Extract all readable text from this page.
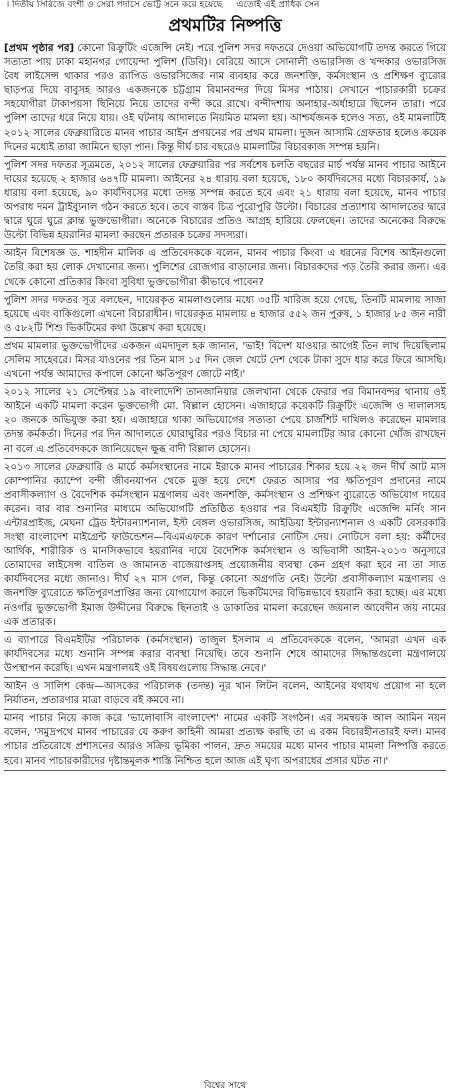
। দিতীয় সিরিজে বংশী ও সেরা পদাসে ভোট্ট সনে করে হয়েছে এতোই এই প্রাধিক সেন
প্রথমটির নিষ্পত্তি

[প্রথম পৃষ্ঠার পর] কোনো রিক্রুটিং এজেন্সি নেই। পরে পুলিশ সদর দফতরে দেওয়া অভিযোগটি তদন্ত করতে গিয়ে সত্যতা পায় ঢাকা মহানগর গোয়েন্দা পুলিশ (ডিবি)। বেরিয়ে আসে সোনালী ওভারসিজ ও খন্দকার ওভারসিজ বৈধ লাইসেন্স থাকার পরও র‍্যাপিড ওভারসিজের নাম ব্যবহার করে জনশক্তি, কর্মসংস্থান ও প্রশিক্ষণ ব্যুরোর ছাড়পত্র দিয়ে বাবুসহ আরও একজনকে চট্টগ্রাম বিমানবন্দর দিয়ে মিসর পাঠায়। সেখানে পাচারকারী চক্রের সহযোগীরা টাকাপয়সা ছিনিয়ে নিয়ে তাদের বন্দী করে রাখে। বন্দীদশায় অনাহার-অর্ধাহারে ছিলেন তারা। পরে পুলিশ তাদের ধরে নিয়ে যায়। ওই ঘটনায় আদালতে নিয়মিত মামলা হয়। আশ্চর্যজনক হলেও সত্য, ওই মামলাটিই ২০১২ সালের ফেব্রুয়ারিতে মানব পাচার আইন প্রণয়নের পর প্রথম মামলা। দুজন আসামি গ্রেফতার হলেও কয়েক দিনের মধ্যেই তারা জামিনে ছাড়া পান। কিন্তু দীর্ঘ চার বছরেও মামলাটির বিচারকাজ সম্পন্ন হয়নি।

পুলিশ সদর দফতর সূত্রমতে, ২০১২ সালের ফেব্রুয়ারির পর সর্বশেষ চলতি বছরের মার্চ পর্যন্ত মানব পাচার আইনে দায়ের হয়েছে ২ হাজার ৬৪৭টি মামলা। আইনের ২৪ ধারায় বলা হয়েছে, ১৮০ কার্যদিবসের মধ্যে বিচারকার্য, ১৯ ধারায় বলা হয়েছে, ৯০ কার্যদিবসের মধ্যে তদন্ত সম্পন্ন করতে হবে এবং ২১ ধারায় বলা হয়েছে, মানব পাচার অপরাধ দমন ট্রাইব্যুনাল গঠন করতে হবে। তবে বাস্তব চিত্র পুরোপুরি উল্টো। বিচারের প্রত্যাশায় আদালতের দ্বারে দ্বারে ঘুরে ঘুরে ক্লান্ত ভুক্তভোগীরা। অনেকে বিচারের প্রতিও আগ্রহ হারিয়ে ফেলছেন। তাদের অনেকের বিরুদ্ধে উল্টো বিভিন্ন হয়রানির মামলা করছেন প্রতারক চক্রের সদস্যরা।

আইন বিশেষজ্ঞ ড. শাহদীন মালিক এ প্রতিবেদককে বলেন, মানব পাচার কিংবা এ ধরনের বিশেষ আইনগুলো তৈরি করা হয় লোক দেখানোর জন্য। পুলিশের রোজগার বাড়ানোর জন্য। বিচারকদের পড় তৈরি করার জন্য। এর থেকে কোনো প্রতিকার কিংবা সুবিধা ভুক্তভোগীরা কীভাবে পাবেন?

পুলিশ সদর দফতর সূত্র বলছেন, দায়েরকৃত মামলাগুলোর মধ্যে ৩৫টি খারিজ হয়ে গেছে, তিনটি মামলায় সাজা হয়েছে এবং বাকিগুলো এখনো বিচারাধীন। দায়েরকৃত মামলায় ৪ হাজার ৫৫২ জন পুরুষ, ১ হাজার ৮৫ জন নারী ও ৫৮২টি শিশু ভিকটিমের কথা উল্লেখ করা হয়েছে।

প্রথম মামলার ভুক্তভোগীদের একজন এমদাদুল হক জানান, 'ভাই! বিদেশ যাওয়ার আগেই তিন লাখ দিয়েছিলাম সেলিম সাহেবরে। মিসর যাওনের পর তিন মাস ১৫ দিন জেল খেটে দেশ থেকে টাকা সুদে ধার করে ফিরে আসছি। এখনো পর্যন্ত আমাদের কপালে কোনো ক্ষতিপূরণ জোটে নাই।'

২০১২ সালের ২১ সেপ্টেম্বর ১৯ বাংলাদেশি তানজানিয়ার জেলখানা থেকে ফেরার পর বিমানবন্দর থানায় ওই আইনে একটি মামলা করেন ভুক্তভোগী মো. বিল্লাল হোসেন। এজাহারে কয়েকটি রিক্রুটিং এজেন্সি ও দালালসহ ২০ জনকে অভিযুক্ত করা হয়। এজাহারে থাকা অভিযোগের সত্যতা পেয়ে চার্জশিট দাখিলও করেছেন মামলার তদন্ত কর্মকর্তা। দিনের পর দিন আদালতে ঘোরাঘুরির পরও বিচার না পেয়ে মামলাটির আর কোনো খোঁজ রাখছেন না বলে এ প্রতিবেদককে জানিয়েছেন ক্ষুব্ধ বাদী বিল্লাল হোসেন।

২০১৩ সালের ফেব্রুয়ারি ও মার্চে কর্মসংস্থানের নামে ইরাকে মানব পাচারের শিকার হয়ে ২২ জন দীর্ঘ আট মাস কোম্পানির ক্যাম্পে বন্দী জীবনযাপন থেকে মুক্ত হয়ে দেশে ফেরত আসার পর ক্ষতিপূরণ প্রদানের নামে প্রবাসীকল্যাণ ও বৈদেশিক কর্মসংস্থান মন্ত্রণালয় এবং জনশক্তি, কর্মসংস্থান ও প্রশিক্ষণ ব্যুরোতে অভিযোগ দায়ের করেন। বার বার শুনানির মাধ্যমে অভিযোগটি প্রতিষ্ঠিত হওয়ার পর বিএমইটি রিক্রুটিং এজেন্সি মর্নিং সান এন্টারপ্রাইজ, মেঘনা ট্রেড ইন্টারন্যাশনাল, ইস্ট বেঙ্গল ওভারসিজ, আইডিয়া ইন্টারন্যাশনাল ও একটি বেসরকারি সংস্থা বাংলাদেশ মাইগ্রেন্ট ফাউন্ডেশন—বিএমএফকে কারণ দর্শানোর নোটিস দেয়। নোটিসে বলা হয়: কর্মীদের আর্থিক, শারীরিক ও মানসিকভাবে হয়রানির দায়ে বৈদেশিক কর্মসংস্থান ও অভিবাসী আইন-২০১৩ অনুসারে তোমাদের লাইসেন্স বাতিল ও জামানত বাজেয়াপ্তসহ প্রয়োজনীয় ব্যবস্থা কেন গ্রহণ করা হবে না তা সাত কার্যদিবসের মধ্যে জানাও। দীর্ঘ ২৭ মাস গেল, কিন্তু কোনো অগ্রগতি নেই। উল্টো প্রবাসীকল্যাণ মন্ত্রণালয় ও জনশক্তি ব্যুরোতে ক্ষতিপূরণপ্রাপ্তির জন্য যোগাযোগ করলে ভিকটিমদের বিভিন্নভাবে হয়রানি করা হচ্ছে। এর মধ্যে নওগাঁর ভুক্তভোগী ইমাজ উদ্দীনের বিরুদ্ধে ছিনতাই ও ডাকাতির মামলা করেছেন জয়নাল আবেদীন জয় নামের এক প্রতারক।

এ ব্যাপারে বিএমইটির পরিচালক (কর্মসংস্থান) তাজুল ইসলাম এ প্রতিবেদককে বলেন, 'আমরা এখন এক কার্যদিবসের মধ্যে শুনানি সম্পন্ন করার ব্যবস্থা নিয়েছি। তবে শুনানি শেষে আমাদের সিদ্ধান্তগুলো মন্ত্রণালয়ে উপস্থাপন করেছি। এখন মন্ত্রণালয়ই ওই বিষয়গুলোয় সিদ্ধান্ত নেবে।'

আইন ও সালিশ কেন্দ্র—আসকের পরিচালক (তদন্ত) নূর খান লিটন বলেন, আইনের যথাযথ প্রয়োগ না হলে নির্যাতন, প্রতারণার মাত্রা বাড়বে বই কমবে না।

মানব পাচার নিয়ে কাজ করে 'ভালোবাসি বাংলাদেশ' নামের একটি সংগঠন। এর সমন্বয়ক আল আমিন নয়ন বলেন, 'সমুদ্রপথে মানব পাচারের যে করুণ কাহিনী আমরা প্রত্যক্ষ করছি তা এ রকম বিচারহীনতারই ফল। মানব পাচার প্রতিরোধে প্রশাসনের আরও সক্রিয় ভূমিকা পালন, দ্রুত সময়ের মধ্যে মানব পাচার মামলা নিষ্পত্তি করতে হবে। মানব পাচারকারীদের দৃষ্টান্তমূলক শাস্তি নিশ্চিত হলে আজ এই ঘৃণ্য অপরাধের প্রসার ঘটত না।'

বিশ্বের সাথে
